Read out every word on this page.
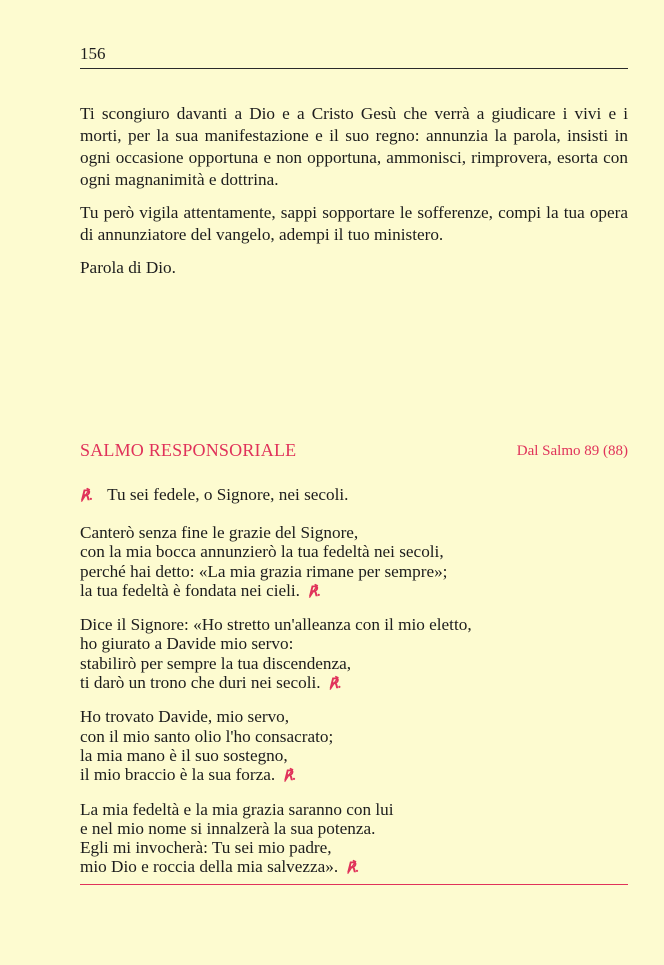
156

Ti scongiuro davanti a Dio e a Cristo Gesù che verrà a giudicare i vivi e i morti, per la sua manifestazione e il suo regno: annunzia la parola, insisti in ogni occasione opportuna e non opportuna, ammonisci, rimprovera, esorta con ogni magnanimità e dottrina.

Tu però vigila attentamente, sappi sopportare le sofferenze, compi la tua opera di annunziatore del vangelo, adempi il tuo ministero.

Parola di Dio.

SALMO RESPONSORIALE	Dal Salmo 89 (88)
℟. Tu sei fedele, o Signore, nei secoli.
Canterò senza fine le grazie del Signore,
con la mia bocca annunzierò la tua fedeltà nei secoli,
perché hai detto: «La mia grazia rimane per sempre»;
la tua fedeltà è fondata nei cieli. ℟.
Dice il Signore: «Ho stretto un'alleanza con il mio eletto,
ho giurato a Davide mio servo:
stabilirò per sempre la tua discendenza,
ti darò un trono che duri nei secoli. ℟.
Ho trovato Davide, mio servo,
con il mio santo olio l'ho consacrato;
la mia mano è il suo sostegno,
il mio braccio è la sua forza. ℟.
La mia fedeltà e la mia grazia saranno con lui
e nel mio nome si innalzerà la sua potenza.
Egli mi invocherà: Tu sei mio padre,
mio Dio e roccia della mia salvezza». ℟.
